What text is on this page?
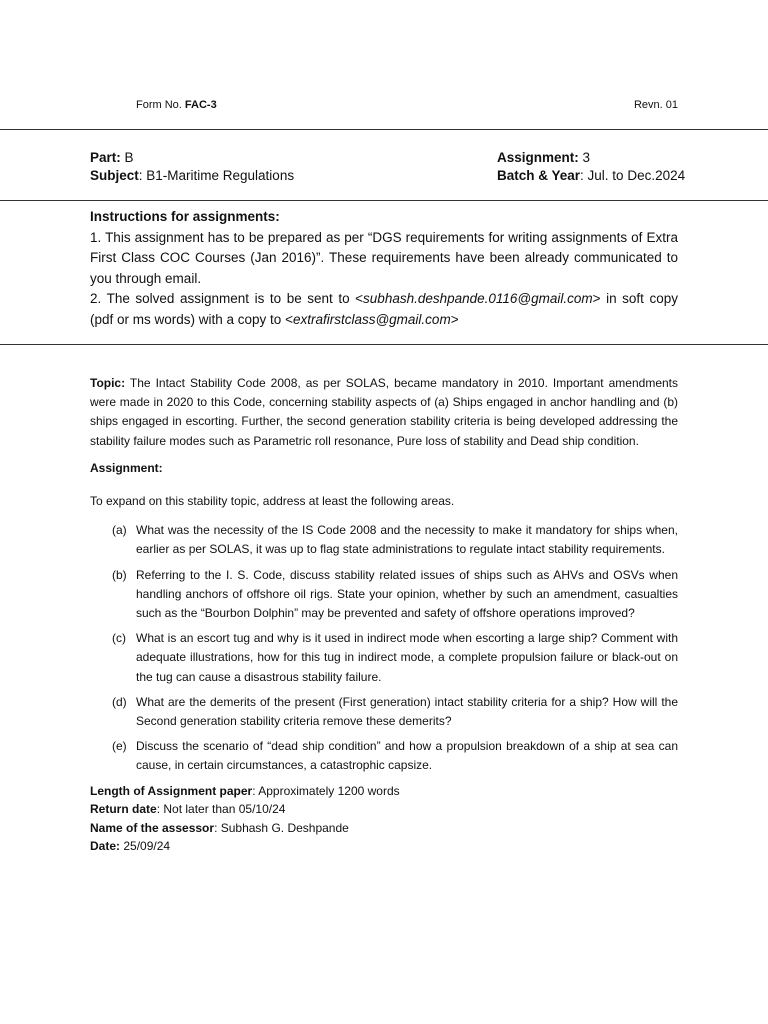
Form No. FAC-3	Revn. 01
Part: B
Subject: B1-Maritime Regulations
Assignment: 3
Batch & Year: Jul. to Dec.2024

Instructions for assignments:

1. This assignment has to be prepared as per “DGS requirements for writing assignments of Extra First Class COC Courses (Jan 2016)”. These requirements have been already communicated to you through email.

2. The solved assignment is to be sent to <subhash.deshpande.0116@gmail.com> in soft copy (pdf or ms words) with a copy to <extrafirstclass@gmail.com>

Topic: The Intact Stability Code 2008, as per SOLAS, became mandatory in 2010. Important amendments were made in 2020 to this Code, concerning stability aspects of (a) Ships engaged in anchor handling and (b) ships engaged in escorting. Further, the second generation stability criteria is being developed addressing the stability failure modes such as Parametric roll resonance, Pure loss of stability and Dead ship condition.

Assignment:

To expand on this stability topic, address at least the following areas.

(a) What was the necessity of the IS Code 2008 and the necessity to make it mandatory for ships when, earlier as per SOLAS, it was up to flag state administrations to regulate intact stability requirements.
(b) Referring to the I. S. Code, discuss stability related issues of ships such as AHVs and OSVs when handling anchors of offshore oil rigs. State your opinion, whether by such an amendment, casualties such as the “Bourbon Dolphin” may be prevented and safety of offshore operations improved?
(c) What is an escort tug and why is it used in indirect mode when escorting a large ship? Comment with adequate illustrations, how for this tug in indirect mode, a complete propulsion failure or black-out on the tug can cause a disastrous stability failure.
(d) What are the demerits of the present (First generation) intact stability criteria for a ship? How will the Second generation stability criteria remove these demerits?
(e) Discuss the scenario of “dead ship condition” and how a propulsion breakdown of a ship at sea can cause, in certain circumstances, a catastrophic capsize.

Length of Assignment paper: Approximately 1200 words

Return date: Not later than 05/10/24

Name of the assessor: Subhash G. Deshpande

Date: 25/09/24
